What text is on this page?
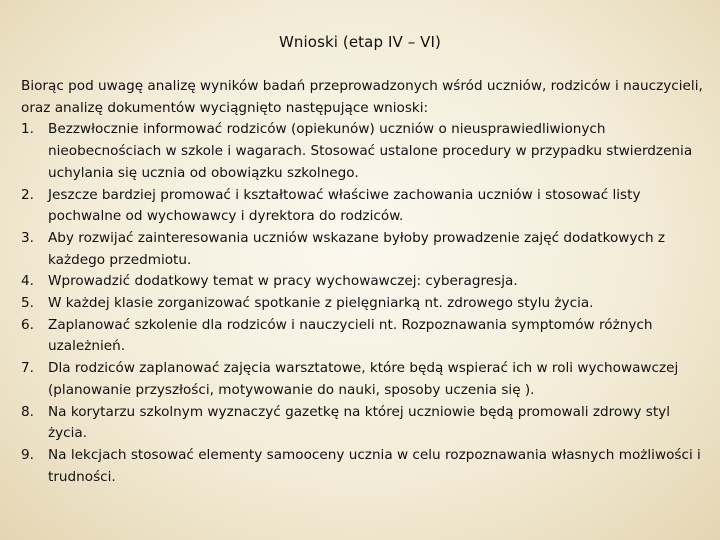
Wnioski (etap IV – VI)

Biorąc pod uwagę analizę wyników badań przeprowadzonych wśród uczniów, rodziców i nauczycieli, oraz analizę dokumentów wyciągnięto następujące wnioski:

1. Bezzwłocznie informować rodziców (opiekunów) uczniów o nieusprawiedliwionych nieobecnościach w szkole i wagarach. Stosować ustalone procedury w przypadku stwierdzenia uchylania się ucznia od obowiązku szkolnego.
2. Jeszcze bardziej promować i kształtować właściwe zachowania uczniów i stosować listy pochwalne od wychowawcy i dyrektora do rodziców.
3. Aby rozwijać zainteresowania uczniów wskazane byłoby prowadzenie zajęć dodatkowych z każdego przedmiotu.
4. Wprowadzić dodatkowy temat w pracy wychowawczej: cyberagresja.
5. W każdej klasie zorganizować spotkanie z pielęgniarką nt. zdrowego stylu życia.
6. Zaplanować szkolenie dla rodziców i nauczycieli nt. Rozpoznawania symptomów różnych uzależnień.
7. Dla rodziców zaplanować zajęcia warsztatowe, które będą wspierać ich w roli wychowawczej (planowanie przyszłości, motywowanie do nauki, sposoby uczenia się ).
8. Na korytarzu szkolnym wyznaczyć gazetkę na której uczniowie będą promowali zdrowy styl życia.
9. Na lekcjach stosować elementy samooceny ucznia w celu rozpoznawania własnych możliwości i trudności.
